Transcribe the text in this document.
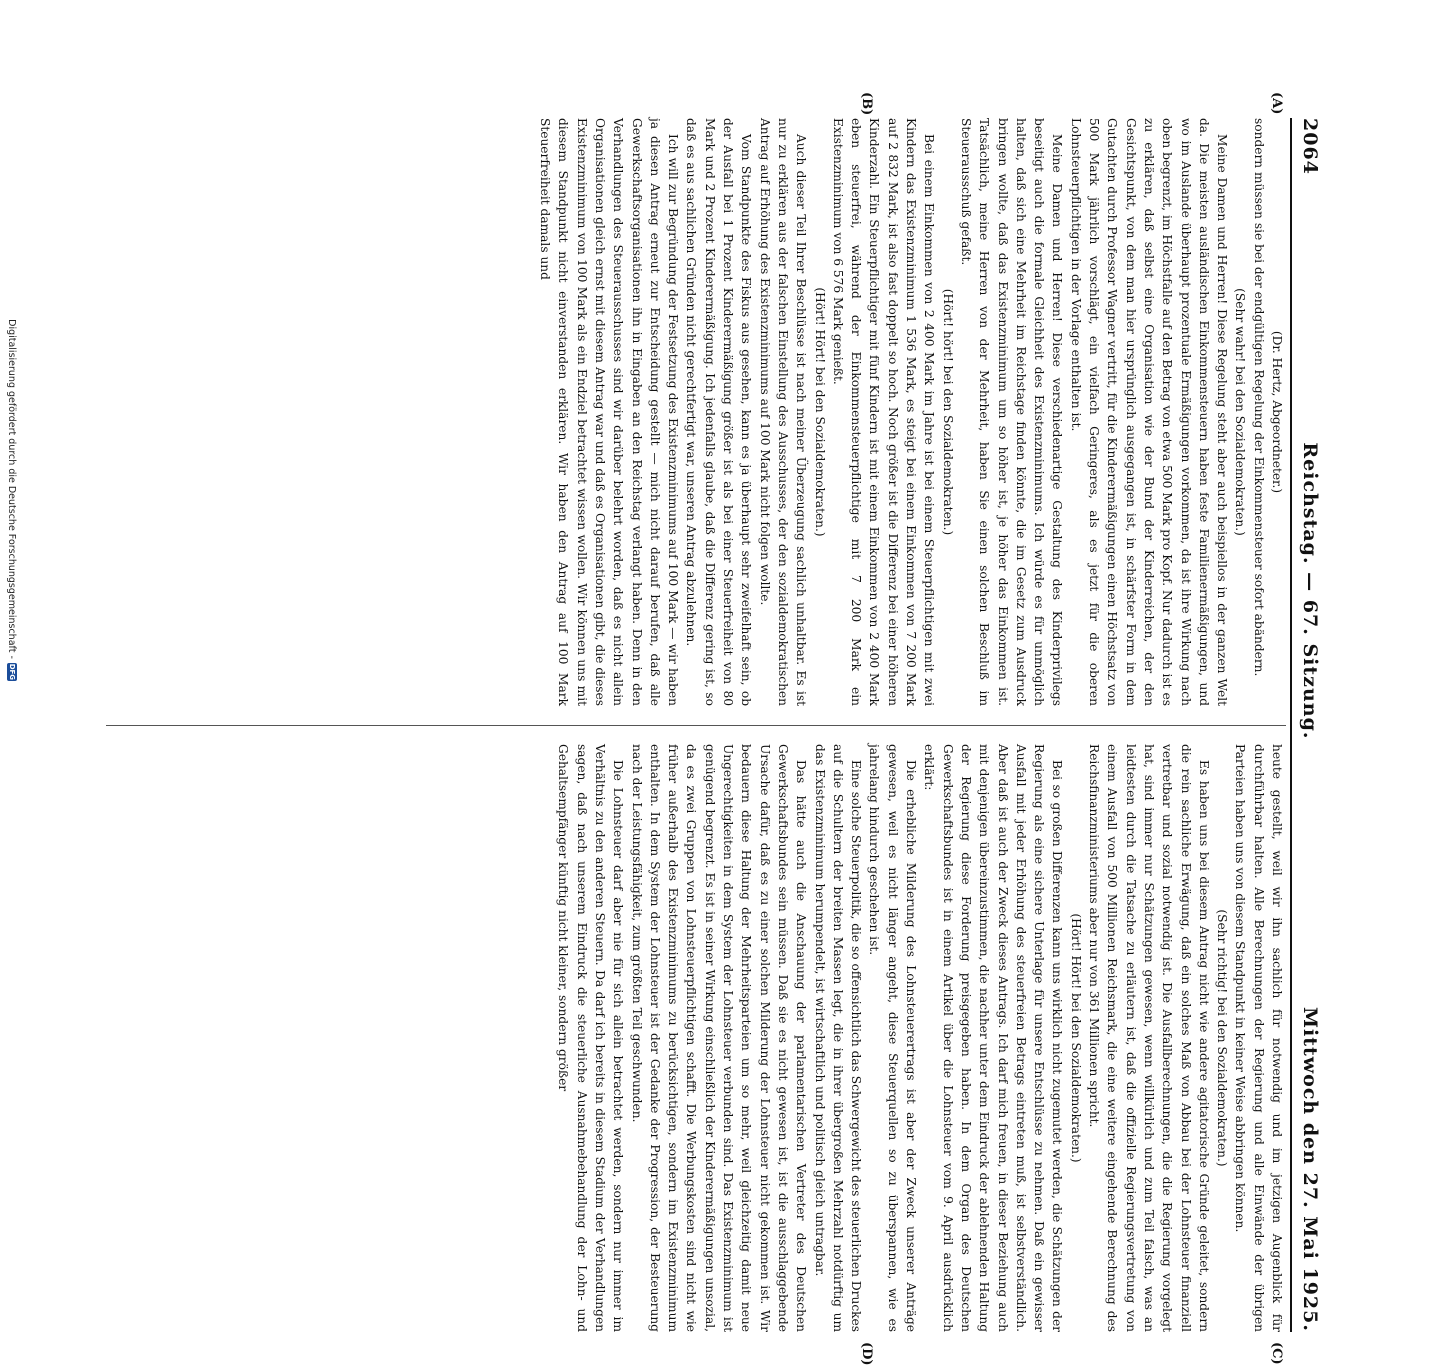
2064
Reichstag. — 67. Sitzung.
Mittwoch den 27. Mai 1925.
(A)
(B)
(C)
(D)

(Dr. Hertz, Abgeordneter.)

sondern müssen sie bei der endgültigen Regelung der Einkommensteuer sofort abändern.

(Sehr wahr! bei den Sozialdemokraten.)

Meine Damen und Herren! Diese Regelung steht aber auch beispiellos in der ganzen Welt da. Die meisten ausländischen Einkommensteuern haben feste Familienermäßigungen, und wo im Auslande überhaupt prozentuale Ermäßigungen vorkommen, da ist ihre Wirkung nach oben begrenzt, im Höchstfalle auf den Betrag von etwa 500 Mark pro Kopf. Nur dadurch ist es zu erklären, daß selbst eine Organisation wie der Bund der Kinderreichen, der den Gesichtspunkt, von dem man hier ursprünglich ausgegangen ist, in schärfster Form in dem Gutachten durch Professor Wagner vertritt, für die Kinderermäßigungen einen Höchstsatz von 500 Mark jährlich vorschlägt, ein vielfach Geringeres, als es jetzt für die oberen Lohnsteuerpflichtigen in der Vorlage enthalten ist.

Meine Damen und Herren! Diese verschiedenartige Gestaltung des Kinderprivilegs beseitigt auch die formale Gleichheit des Existenzminimums. Ich würde es für unmöglich halten, daß sich eine Mehrheit im Reichstage finden könnte, die im Gesetz zum Ausdruck bringen wollte, daß das Existenzminimum um so höher ist, je höher das Einkommen ist. Tatsächlich, meine Herren von der Mehrheit, haben Sie einen solchen Beschluß im Steuerausschuß gefaßt.

(Hört! hört! bei den Sozialdemokraten.)

Bei einem Einkommen von 2 400 Mark im Jahre ist bei einem Steuerpflichtigen mit zwei Kindern das Existenzminimum 1 536 Mark, es steigt bei einem Einkommen von 7 200 Mark auf 2 832 Mark, ist also fast doppelt so hoch. Noch größer ist die Differenz bei einer höheren Kinderzahl. Ein Steuerpflichtiger mit fünf Kindern ist mit einem Einkommen von 2 400 Mark eben steuerfrei, während der Einkommensteuerpflichtige mit 7 200 Mark ein Existenzminimum von 6 576 Mark genießt.

(Hört! Hört! bei den Sozialdemokraten.)

Auch dieser Teil Ihrer Beschlüsse ist nach meiner Überzeugung sachlich unhaltbar. Es ist nur zu erklären aus der falschen Einstellung des Ausschusses, der den sozialdemokratischen Antrag auf Erhöhung des Existenzminimums auf 100 Mark nicht folgen wollte.

Vom Standpunkte des Fiskus aus gesehen, kann es ja überhaupt sehr zweifelhaft sein, ob der Ausfall bei 1 Prozent Kinderermäßigung größer ist als bei einer Steuerfreiheit von 80 Mark und 2 Prozent Kinderermäßigung. Ich jedenfalls glaube, daß die Differenz gering ist, so daß es aus sachlichen Gründen nicht gerechtfertigt war, unseren Antrag abzulehnen.

Ich will zur Begründung der Festsetzung des Existenzminimums auf 100 Mark — wir haben ja diesen Antrag erneut zur Entscheidung gestellt — mich nicht darauf berufen, daß alle Gewerkschaftsorganisationen ihn in Eingaben an den Reichstag verlangt haben. Denn in den Verhandlungen des Steuerausschusses sind wir darüber belehrt worden, daß es nicht allein Organisationen gleich ernst mit diesem Antrag war und daß es Organisationen gibt, die dieses Existenzminimum von 100 Mark als ein Endziel betrachtet wissen wollen. Wir können uns mit diesem Standpunkt nicht einverstanden erklären. Wir haben den Antrag auf 100 Mark Steuerfreiheit damals und

heute gestellt, weil wir ihn sachlich für notwendig und im jetzigen Augenblick für durchführbar halten. Alle Berechnungen der Regierung und alle Einwände der übrigen Parteien haben uns von diesem Standpunkt in keiner Weise abbringen können.

(Sehr richtig! bei den Sozialdemokraten.)

Es haben uns bei diesem Antrag nicht wie andere agitatorische Gründe geleitet, sondern die rein sachliche Erwägung, daß ein solches Maß von Abbau bei der Lohnsteuer finanziell vertretbar und sozial notwendig ist. Die Ausfallberechnungen, die die Regierung vorgelegt hat, sind immer nur Schätzungen gewesen, wenn willkürlich und zum Teil falsch, was an leidtesten durch die Tatsache zu erläutern ist, daß die offizielle Regierungsvertretung von einem Ausfall von 500 Millionen Reichsmark, die eine weitere eingehende Berechnung des Reichsfinanzministeriums aber nur von 361 Millionen spricht.

(Hört! Hört! bei den Sozialdemokraten.)

Bei so großen Differenzen kann uns wirklich nicht zugemutet werden, die Schätzungen der Regierung als eine sichere Unterlage für unsere Entschlüsse zu nehmen. Daß ein gewisser Ausfall mit jeder Erhöhung des steuerfreien Betrags eintreten muß, ist selbstverständlich. Aber daß ist auch der Zweck dieses Antrags. Ich darf mich freuen, in dieser Beziehung auch mit denjenigen übereinzustimmen, die nachher unter dem Eindruck der ablehnenden Haltung der Regierung diese Forderung preisgegeben haben. In dem Organ des Deutschen Gewerkschaftsbundes ist in einem Artikel über die Lohnsteuer vom 9. April ausdrücklich erklärt:

Die erhebliche Milderung des Lohnsteuerertrags ist aber der Zweck unserer Anträge gewesen, weil es nicht länger angeht, diese Steuerquellen so zu überspannen, wie es jahrelang hindurch geschehen ist.

Eine solche Steuerpolitik, die so offensichtlich das Schwergewicht des steuerlichen Druckes auf die Schultern der breiten Massen legt, die in ihrer übergroßen Mehrzahl notdürftig um das Existenzminimum herumpendelt, ist wirtschaftlich und politisch gleich untragbar.

Das hätte auch die Anschauung der parlamentarischen Vertreter des Deutschen Gewerkschaftsbundes sein müssen. Daß sie es nicht gewesen ist, ist die ausschlaggebende Ursache dafür, daß es zu einer solchen Milderung der Lohnsteuer nicht gekommen ist. Wir bedauern diese Haltung der Mehrheitsparteien um so mehr, weil gleichzeitig damit neue Ungerechtigkeiten in dem System der Lohnsteuer verbunden sind. Das Existenzminimum ist genügend begrenzt. Es ist in seiner Wirkung einschließlich der Kinderermäßigungen unsozial, da es zwei Gruppen von Lohnsteuerpflichtigen schafft. Die Werbungskosten sind nicht wie früher außerhalb des Existenzminimums zu berücksichtigen, sondern im Existenzminimum enthalten. In dem System der Lohnsteuer ist der Gedanke der Progression, der Besteuerung nach der Leistungsfähigkeit, zum größten Teil geschwunden.

Die Lohnsteuer darf aber nie für sich allein betrachtet werden, sondern nur immer im Verhältnis zu den anderen Steuern. Da darf ich bereits in diesem Stadium der Verhandlungen sagen, daß nach unserem Eindruck die steuerliche Ausnahmebehandlung der Lohn- und Gehaltsempfänger künftig nicht kleiner, sondern größer

Digitalisierung gefördert durch die Deutsche Forschungsgemeinschaft -
DFG
